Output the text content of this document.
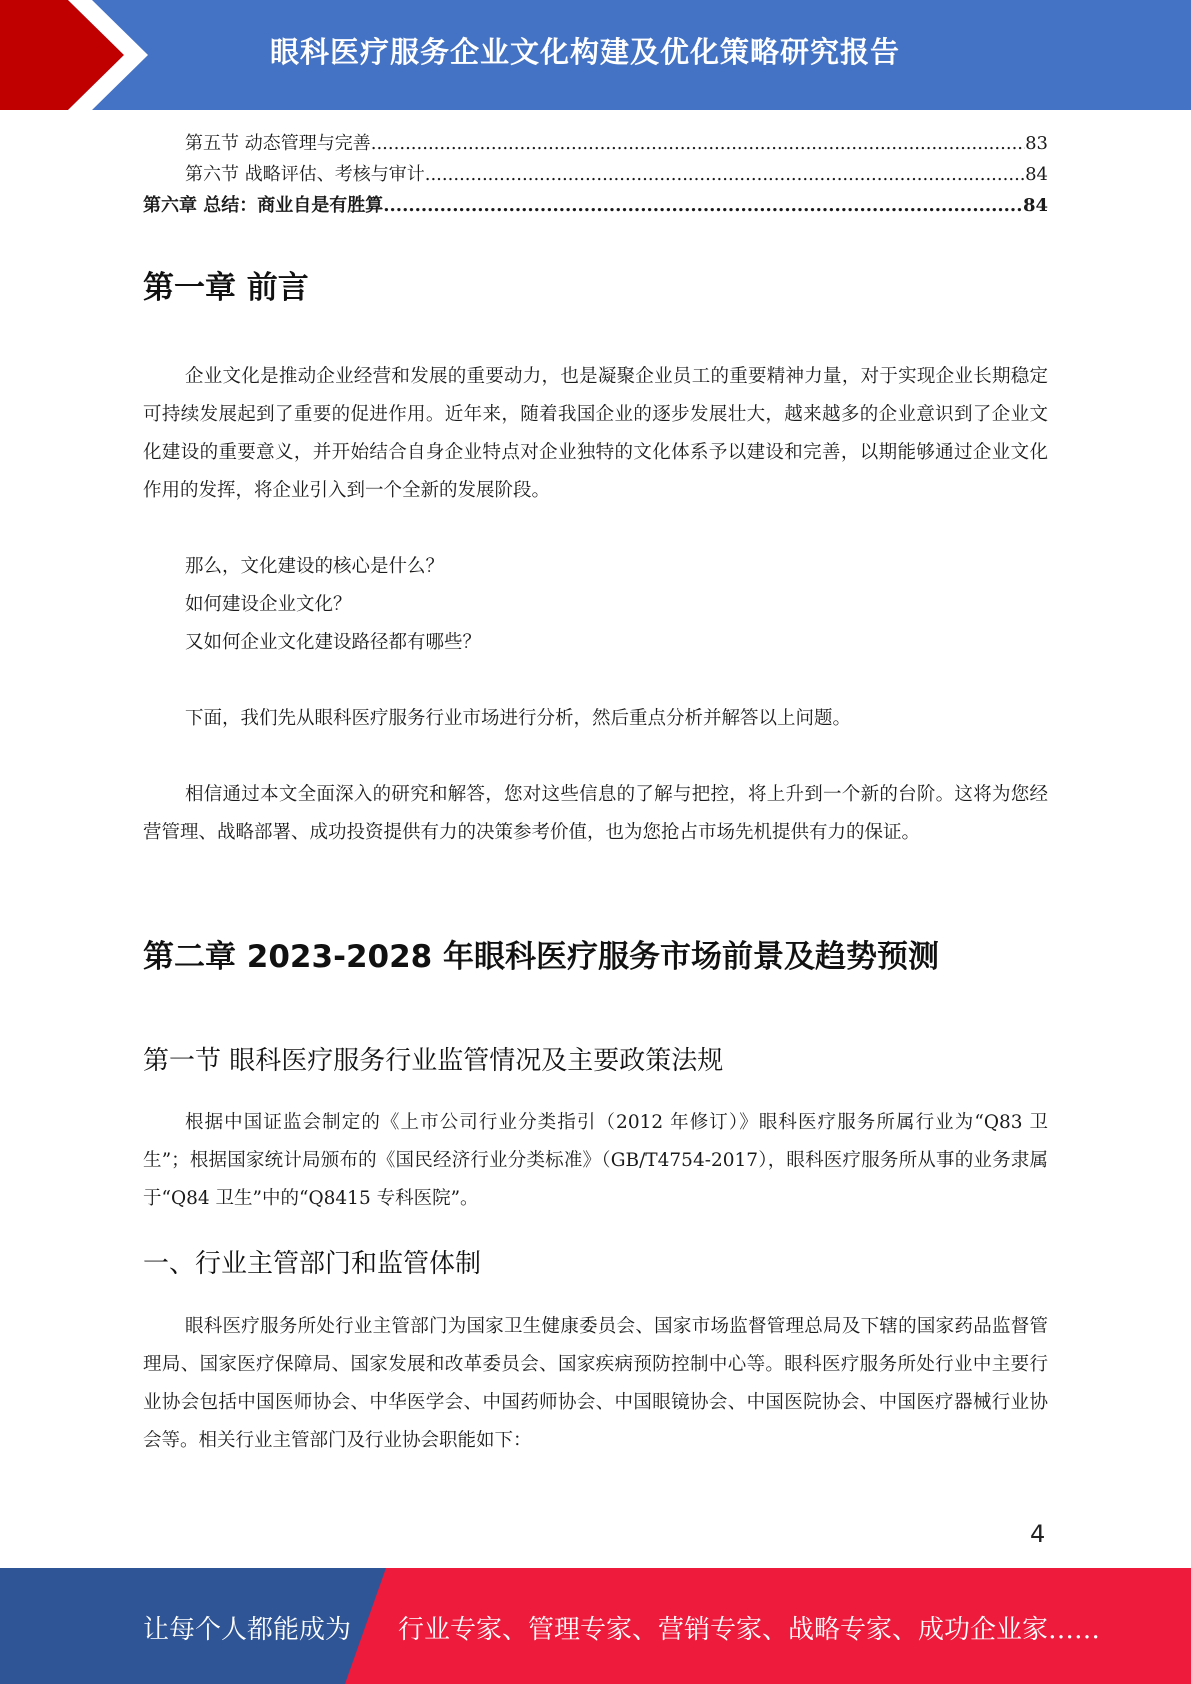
眼科医疗服务企业文化构建及优化策略研究报告
第五节 动态管理与完善 .....	83
第六节 战略评估、考核与审计 .....	84
第六章 总结：商业自是有胜算 .....	84
第一章 前言
企业文化是推动企业经营和发展的重要动力，也是凝聚企业员工的重要精神力量，对于实现企业长期稳定可持续发展起到了重要的促进作用。近年来，随着我国企业的逐步发展壮大，越来越多的企业意识到了企业文化建设的重要意义，并开始结合自身企业特点对企业独特的文化体系予以建设和完善，以期能够通过企业文化作用的发挥，将企业引入到一个全新的发展阶段。
那么，文化建设的核心是什么？
如何建设企业文化？
又如何企业文化建设路径都有哪些？
下面，我们先从眼科医疗服务行业市场进行分析，然后重点分析并解答以上问题。
相信通过本文全面深入的研究和解答，您对这些信息的了解与把控，将上升到一个新的台阶。这将为您经营管理、战略部署、成功投资提供有力的决策参考价值，也为您抢占市场先机提供有力的保证。
第二章 2023-2028 年眼科医疗服务市场前景及趋势预测
第一节 眼科医疗服务行业监管情况及主要政策法规
根据中国证监会制定的《上市公司行业分类指引（2012 年修订）》眼科医疗服务所属行业为“Q83 卫生”；根据国家统计局颁布的《国民经济行业分类标准》（GB/T4754-2017），眼科医疗服务所从事的业务隶属于“Q84 卫生”中的“Q8415 专科医院”。
一、行业主管部门和监管体制
眼科医疗服务所处行业主管部门为国家卫生健康委员会、国家市场监督管理总局及下辖的国家药品监督管理局、国家医疗保障局、国家发展和改革委员会、国家疾病预防控制中心等。眼科医疗服务所处行业中主要行业协会包括中国医师协会、中华医学会、中国药师协会、中国眼镜协会、中国医院协会、中国医疗器械行业协会等。相关行业主管部门及行业协会职能如下：
4
让每个人都能成为 行业专家、管理专家、营销专家、战略专家、成功企业家……
